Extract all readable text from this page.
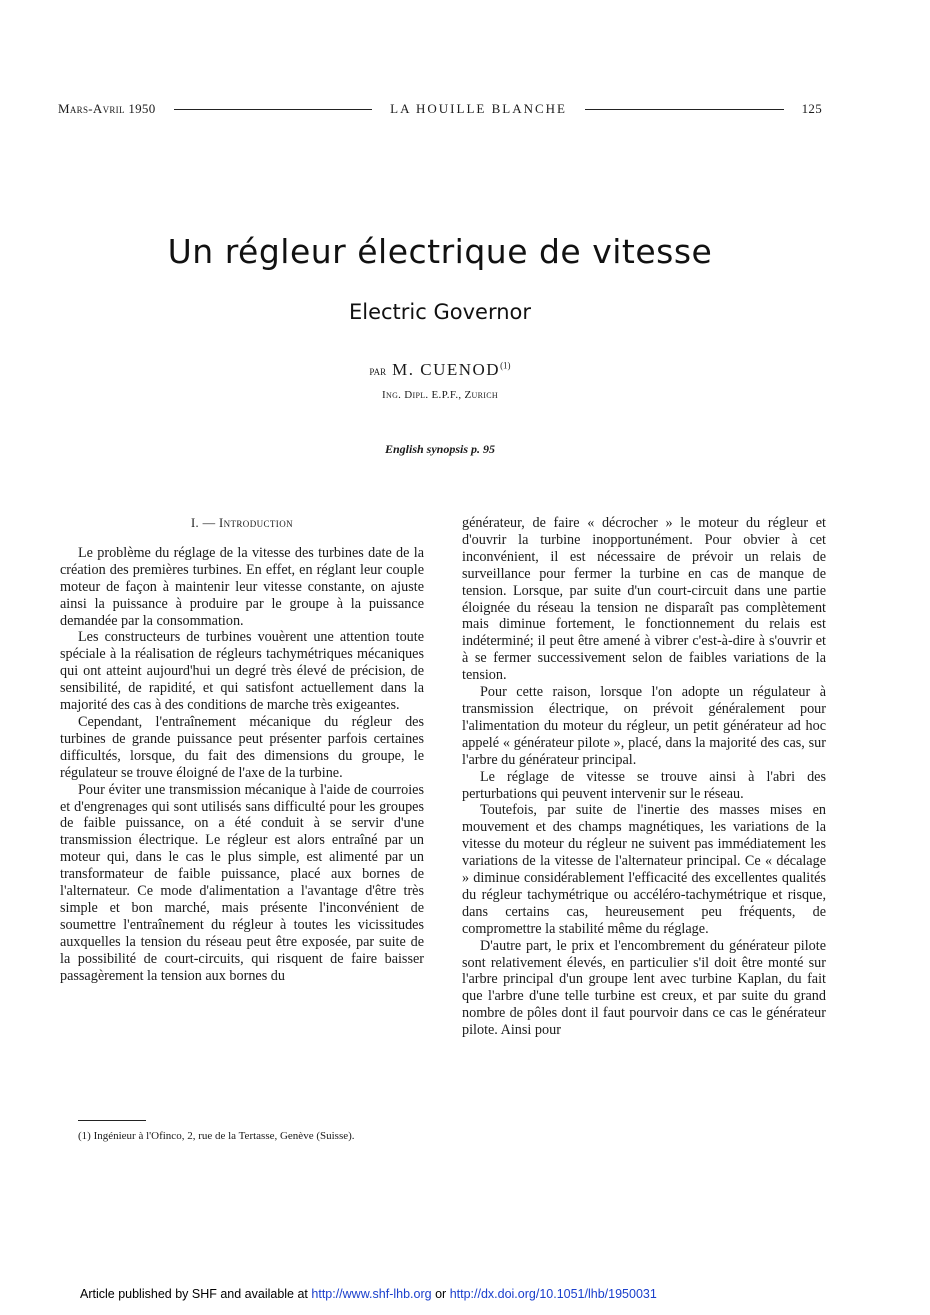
Mars-Avril 1950	LA HOUILLE BLANCHE	125
Un régleur électrique de vitesse
Electric Governor
par M. CUENOD$^{(1)}$
Ing. Dipl. E.P.F., Zurich
English synopsis p. 95
I. — Introduction

Le problème du réglage de la vitesse des turbines date de la création des premières turbines. En effet, en réglant leur couple moteur de façon à maintenir leur vitesse constante, on ajuste ainsi la puissance à produire par le groupe à la puissance demandée par la consommation.

Les constructeurs de turbines vouèrent une attention toute spéciale à la réalisation de régleurs tachymétriques mécaniques qui ont atteint aujourd'hui un degré très élevé de précision, de sensibilité, de rapidité, et qui satisfont actuellement dans la majorité des cas à des conditions de marche très exigeantes.

Cependant, l'entraînement mécanique du régleur des turbines de grande puissance peut présenter parfois certaines difficultés, lorsque, du fait des dimensions du groupe, le régulateur se trouve éloigné de l'axe de la turbine.

Pour éviter une transmission mécanique à l'aide de courroies et d'engrenages qui sont utilisés sans difficulté pour les groupes de faible puissance, on a été conduit à se servir d'une transmission électrique. Le régleur est alors entraîné par un moteur qui, dans le cas le plus simple, est alimenté par un transformateur de faible puissance, placé aux bornes de l'alternateur. Ce mode d'alimentation a l'avantage d'être très simple et bon marché, mais présente l'inconvénient de soumettre l'entraînement du régleur à toutes les vicissitudes auxquelles la tension du réseau peut être exposée, par suite de la possibilité de court-circuits, qui risquent de faire baisser passagèrement la tension aux bornes du

générateur, de faire « décrocher » le moteur du régleur et d'ouvrir la turbine inopportunément. Pour obvier à cet inconvénient, il est nécessaire de prévoir un relais de surveillance pour fermer la turbine en cas de manque de tension. Lorsque, par suite d'un court-circuit dans une partie éloignée du réseau la tension ne disparaît pas complètement mais diminue fortement, le fonctionnement du relais est indéterminé; il peut être amené à vibrer c'est-à-dire à s'ouvrir et à se fermer successivement selon de faibles variations de la tension.

Pour cette raison, lorsque l'on adopte un régulateur à transmission électrique, on prévoit généralement pour l'alimentation du moteur du régleur, un petit générateur ad hoc appelé « générateur pilote », placé, dans la majorité des cas, sur l'arbre du générateur principal.

Le réglage de vitesse se trouve ainsi à l'abri des perturbations qui peuvent intervenir sur le réseau.

Toutefois, par suite de l'inertie des masses mises en mouvement et des champs magnétiques, les variations de la vitesse du moteur du régleur ne suivent pas immédiatement les variations de la vitesse de l'alternateur principal. Ce « décalage » diminue considérablement l'efficacité des excellentes qualités du régleur tachymétrique ou accéléro-tachymétrique et risque, dans certains cas, heureusement peu fréquents, de compromettre la stabilité même du réglage.

D'autre part, le prix et l'encombrement du générateur pilote sont relativement élevés, en particulier s'il doit être monté sur l'arbre principal d'un groupe lent avec turbine Kaplan, du fait que l'arbre d'une telle turbine est creux, et par suite du grand nombre de pôles dont il faut pourvoir dans ce cas le générateur pilote. Ainsi pour

(1) Ingénieur à l'Ofinco, 2, rue de la Tertasse, Genève (Suisse).
Article published by SHF and available at http://www.shf-lhb.org or http://dx.doi.org/10.1051/lhb/1950031
